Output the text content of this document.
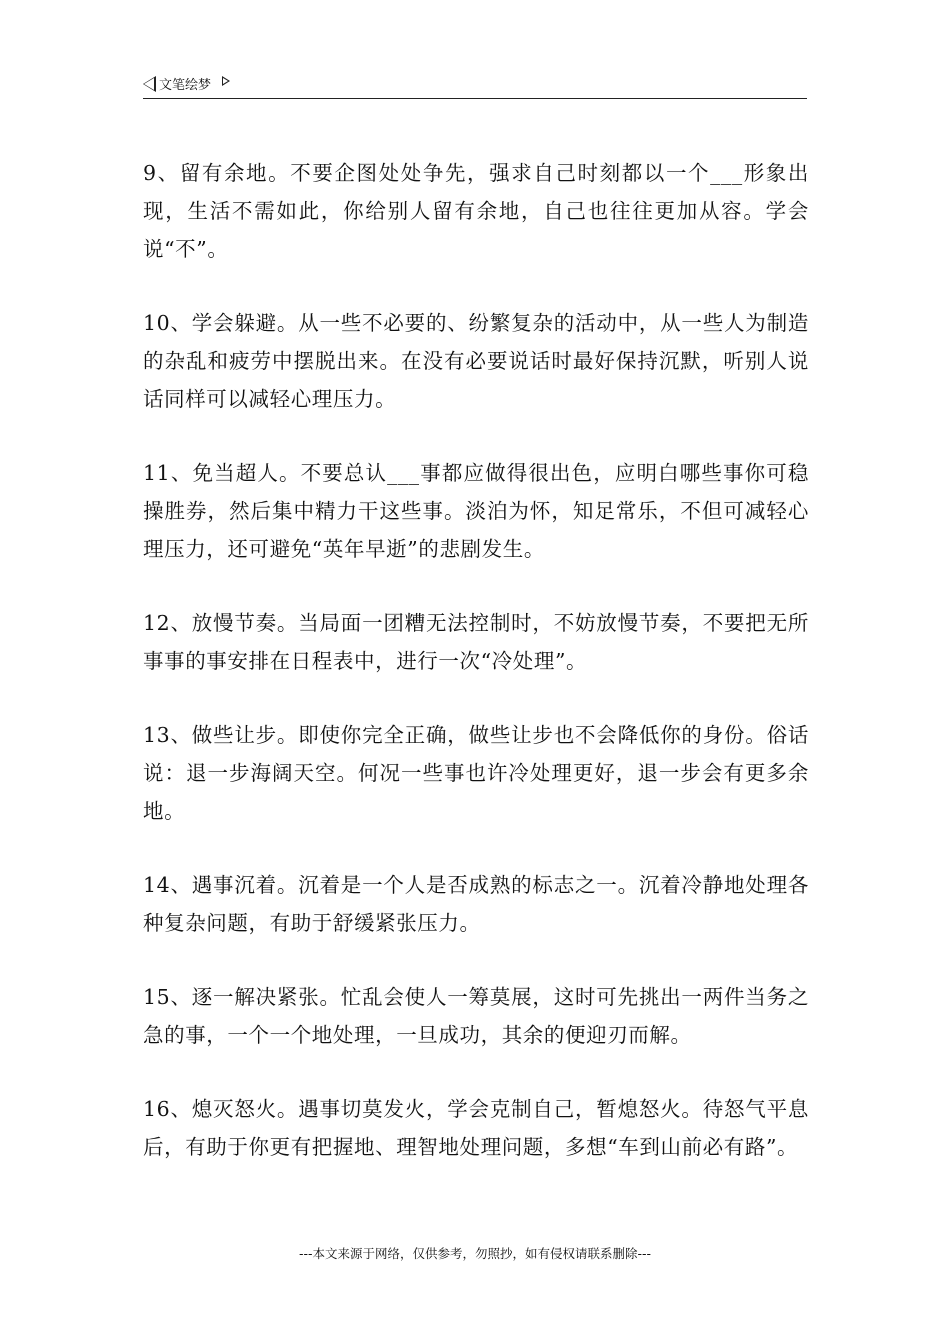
文笔绘梦

9、留有余地。不要企图处处争先，强求自己时刻都以一个___形象出现，生活不需如此，你给别人留有余地，自己也往往更加从容。学会说“不”。

10、学会躲避。从一些不必要的、纷繁复杂的活动中，从一些人为制造的杂乱和疲劳中摆脱出来。在没有必要说话时最好保持沉默，听别人说话同样可以减轻心理压力。

11、免当超人。不要总认___事都应做得很出色，应明白哪些事你可稳操胜券，然后集中精力干这些事。淡泊为怀，知足常乐，不但可减轻心理压力，还可避免“英年早逝”的悲剧发生。

12、放慢节奏。当局面一团糟无法控制时，不妨放慢节奏，不要把无所事事的事安排在日程表中，进行一次“冷处理”。

13、做些让步。即使你完全正确，做些让步也不会降低你的身份。俗话说：退一步海阔天空。何况一些事也许冷处理更好，退一步会有更多余地。

14、遇事沉着。沉着是一个人是否成熟的标志之一。沉着冷静地处理各种复杂问题，有助于舒缓紧张压力。

15、逐一解决紧张。忙乱会使人一筹莫展，这时可先挑出一两件当务之急的事，一个一个地处理，一旦成功，其余的便迎刃而解。

16、熄灭怒火。遇事切莫发火，学会克制自己，暂熄怒火。待怒气平息后，有助于你更有把握地、理智地处理问题，多想“车到山前必有路”。

---本文来源于网络，仅供参考，勿照抄，如有侵权请联系删除---
